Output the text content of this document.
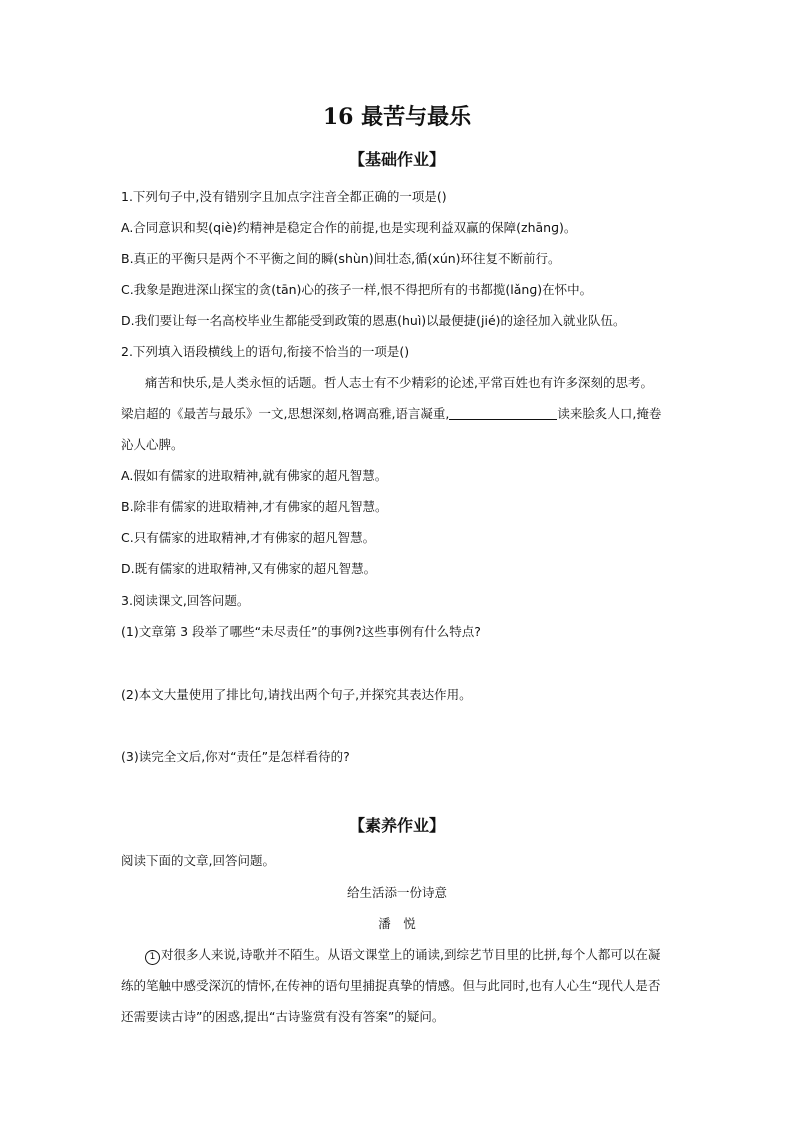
16 最苦与最乐
【基础作业】
1.下列句子中,没有错别字且加点字注音全都正确的一项是()
A.合同意识和契(qiè)约精神是稳定合作的前提,也是实现利益双赢的保障(zhānɡ)。
B.真正的平衡只是两个不平衡之间的瞬(shùn)间壮态,循(xún)环往复不断前行。
C.我象是跑进深山探宝的贪(tān)心的孩子一样,恨不得把所有的书都揽(lǎnɡ)在怀中。
D.我们要让每一名高校毕业生都能受到政策的恩惠(huì)以最便捷(jié)的途径加入就业队伍。
2.下列填入语段横线上的语句,衔接不恰当的一项是()
痛苦和快乐,是人类永恒的话题。哲人志士有不少精彩的论述,平常百姓也有许多深刻的思考。
梁启超的《最苦与最乐》一文,思想深刻,格调高雅,语言凝重,	读来脍炙人口,掩卷
沁人心脾。
A.假如有儒家的进取精神,就有佛家的超凡智慧。
B.除非有儒家的进取精神,才有佛家的超凡智慧。
C.只有儒家的进取精神,才有佛家的超凡智慧。
D.既有儒家的进取精神,又有佛家的超凡智慧。
3.阅读课文,回答问题。
(1)文章第 3 段举了哪些“未尽责任”的事例?这些事例有什么特点?
(2)本文大量使用了排比句,请找出两个句子,并探究其表达作用。
(3)读完全文后,你对“责任”是怎样看待的?
【素养作业】
阅读下面的文章,回答问题。
给生活添一份诗意
潘　悦
1 对很多人来说,诗歌并不陌生。从语文课堂上的诵读,到综艺节目里的比拼,每个人都可以在凝
练的笔触中感受深沉的情怀,在传神的语句里捕捉真挚的情感。但与此同时,也有人心生“现代人是否
还需要读古诗”的困惑,提出“古诗鉴赏有没有答案”的疑问。
